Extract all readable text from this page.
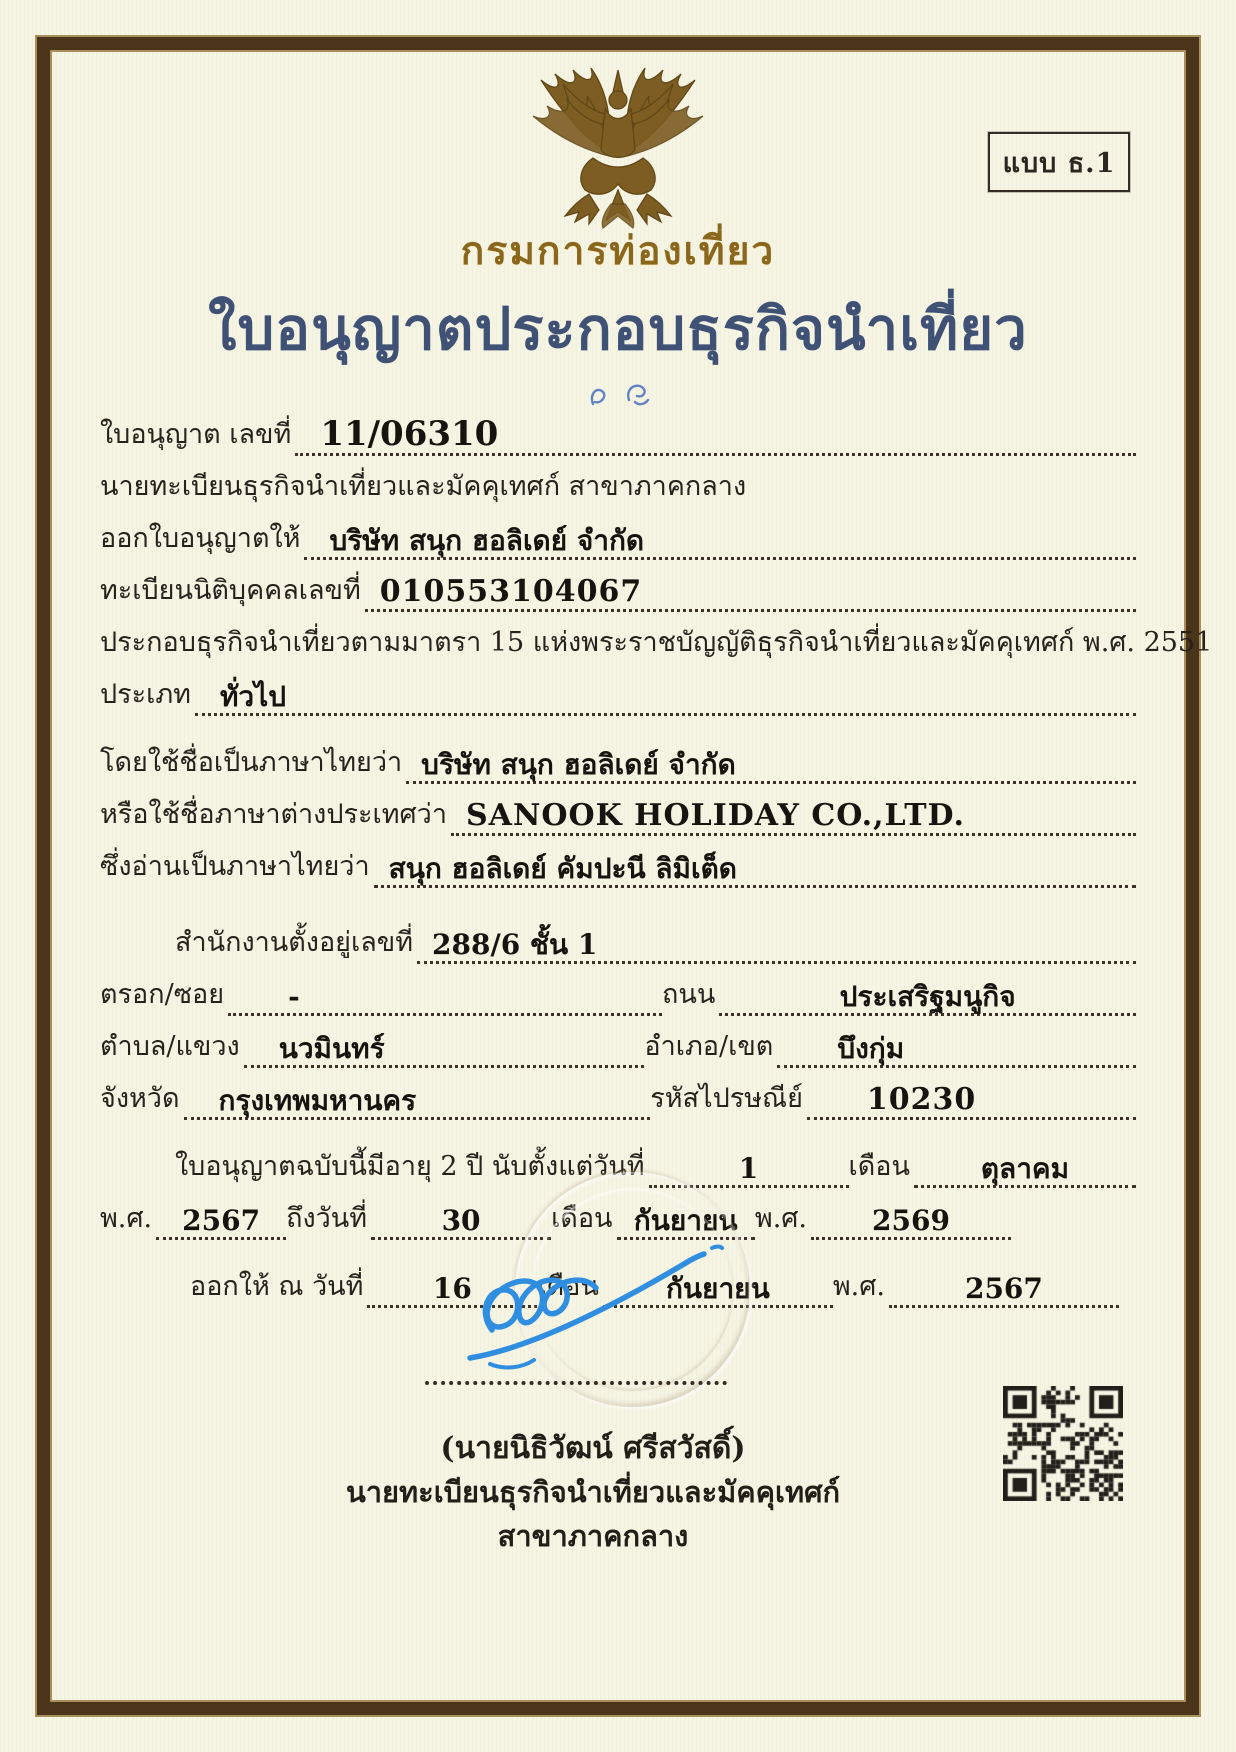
แบบ ธ.1
กรมการท่องเที่ยว
ใบอนุญาตประกอบธุรกิจนำเที่ยว
ใบอนุญาต เลขที่ 11/06310
นายทะเบียนธุรกิจนำเที่ยวและมัคคุเทศก์ สาขาภาคกลาง
ออกใบอนุญาตให้ บริษัท สนุก ฮอลิเดย์ จำกัด
ทะเบียนนิติบุคคลเลขที่ 010553104067
ประกอบธุรกิจนำเที่ยวตามมาตรา 15 แห่งพระราชบัญญัติธุรกิจนำเที่ยวและมัคคุเทศก์ พ.ศ. 2551
ประเภท ทั่วไป
โดยใช้ชื่อเป็นภาษาไทยว่า บริษัท สนุก ฮอลิเดย์ จำกัด
หรือใช้ชื่อภาษาต่างประเทศว่า SANOOK HOLIDAY CO.,LTD.
ซึ่งอ่านเป็นภาษาไทยว่า สนุก ฮอลิเดย์ คัมปะนี ลิมิเต็ด
สำนักงานตั้งอยู่เลขที่ 288/6 ชั้น 1
ตรอก/ซอย -	ถนน	ประเสริฐมนูกิจ
ตำบล/แขวง นวมินทร์	อำเภอ/เขต บึงกุ่ม
จังหวัด กรุงเทพมหานคร	รหัสไปรษณีย์ 10230
ใบอนุญาตฉบับนี้มีอายุ 2 ปี นับตั้งแต่วันที่	1	เดือน	ตุลาคม
พ.ศ. 2567 ถึงวันที่	30	เดือน กันยายน พ.ศ. 2569
ออกให้ ณ วันที่ 16 เดือน กันยายน พ.ศ.	2567
(นายนิธิวัฒน์ ศรีสวัสดิ์)
นายทะเบียนธุรกิจนำเที่ยวและมัคคุเทศก์
สาขาภาคกลาง
